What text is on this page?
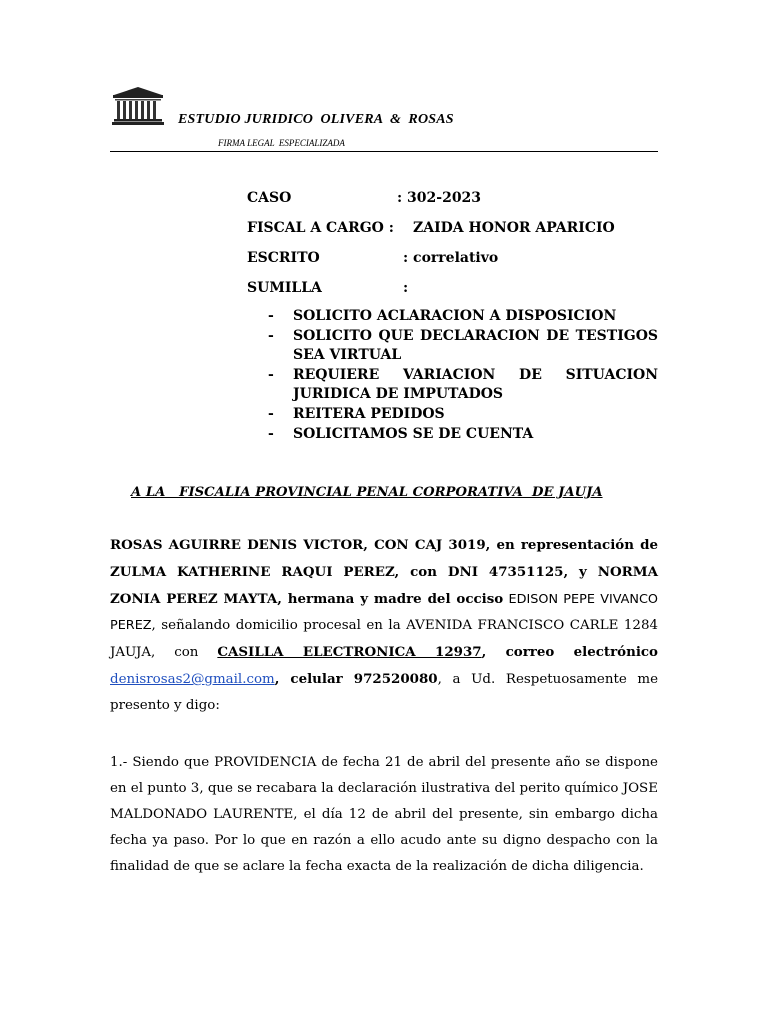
ESTUDIO JURIDICO  OLIVERA  &  ROSAS
FIRMA LEGAL  ESPECIALIZADA
CASO	: 302-2023
FISCAL A CARGO : ZAIDA HONOR APARICIO
ESCRITO	: correlativo
SUMILLA	:
- SOLICITO ACLARACION A DISPOSICION
- SOLICITO QUE DECLARACION DE TESTIGOS SEA VIRTUAL
- REQUIERE VARIACION DE SITUACION JURIDICA DE IMPUTADOS
- REITERA PEDIDOS
- SOLICITAMOS SE DE CUENTA
A LA   FISCALIA PROVINCIAL PENAL CORPORATIVA  DE JAUJA
ROSAS AGUIRRE DENIS VICTOR, CON CAJ 3019, en representación de ZULMA KATHERINE RAQUI PEREZ, con DNI 47351125, y NORMA ZONIA PEREZ MAYTA, hermana y madre del occiso EDISON PEPE VIVANCO PEREZ, señalando domicilio procesal en la AVENIDA FRANCISCO CARLE 1284 JAUJA, con CASILLA ELECTRONICA 12937, correo electrónico denisrosas2@gmail.com, celular 972520080, a Ud. Respetuosamente me presento y digo:
1.- Siendo que PROVIDENCIA de fecha 21 de abril del presente año se dispone en el punto 3, que se recabara la declaración ilustrativa del perito químico JOSE MALDONADO LAURENTE, el día 12 de abril del presente, sin embargo dicha fecha ya paso. Por lo que en razón a ello acudo ante su digno despacho con la finalidad de que se aclare la fecha exacta de la realización de dicha diligencia.
